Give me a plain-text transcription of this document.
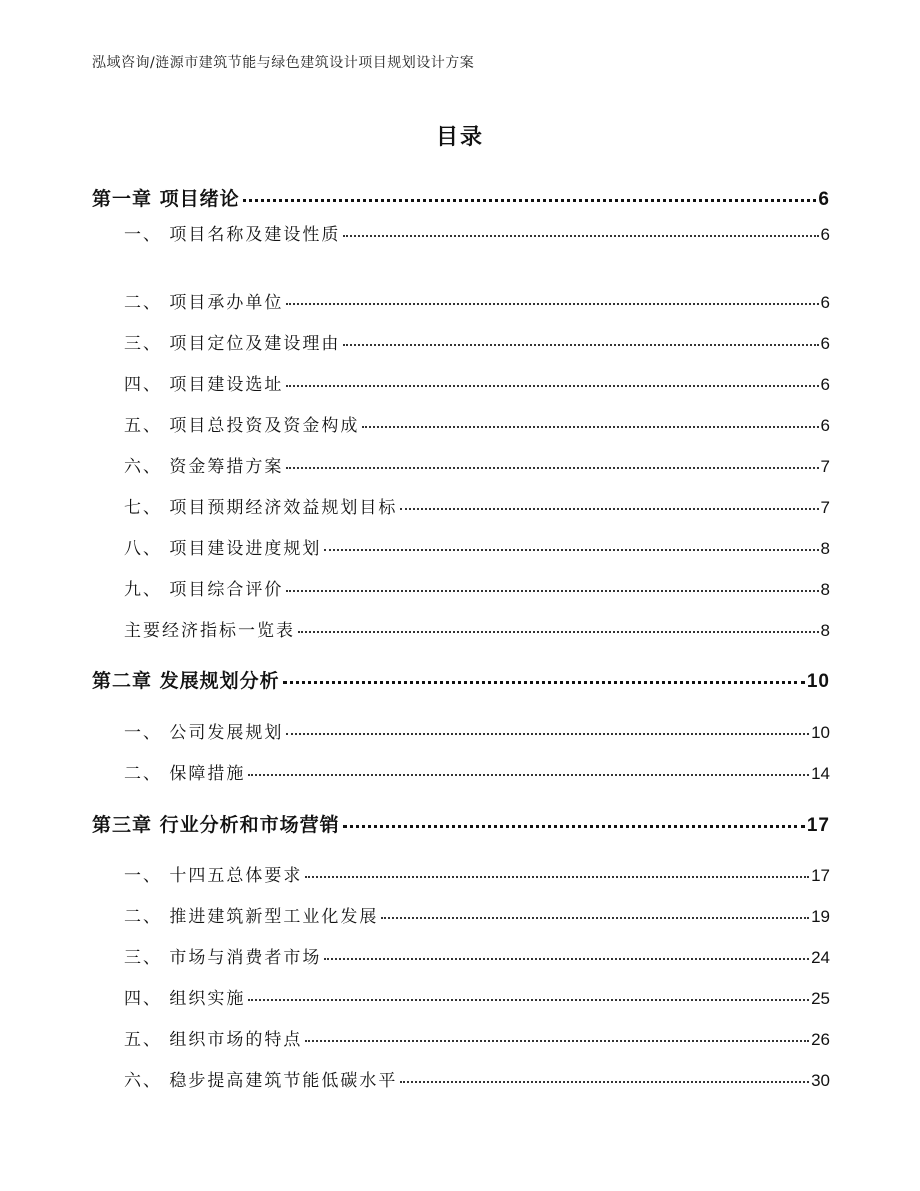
泓域咨询/涟源市建筑节能与绿色建筑设计项目规划设计方案
目录
第一章 项目绪论	6
一、 项目名称及建设性质	6
二、 项目承办单位	6
三、 项目定位及建设理由	6
四、 项目建设选址	6
五、 项目总投资及资金构成	6
六、 资金筹措方案	7
七、 项目预期经济效益规划目标	7
八、 项目建设进度规划	8
九、 项目综合评价	8
主要经济指标一览表	8
第二章 发展规划分析	10
一、 公司发展规划	10
二、 保障措施	14
第三章 行业分析和市场营销	17
一、 十四五总体要求	17
二、 推进建筑新型工业化发展	19
三、 市场与消费者市场	24
四、 组织实施	25
五、 组织市场的特点	26
六、 稳步提高建筑节能低碳水平	30
